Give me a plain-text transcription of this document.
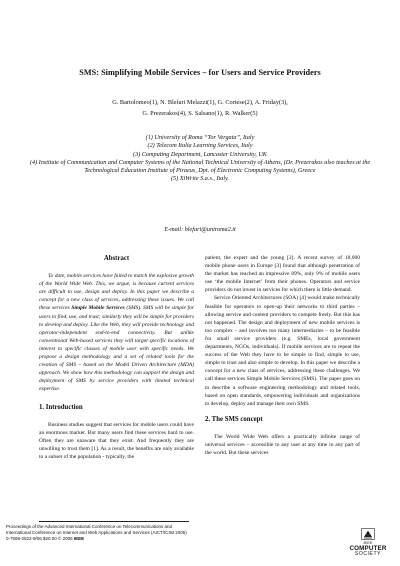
SMS: Simplifying Mobile Services – for Users and Service Providers
G. Bartolomeo(1), N. Blefari Melazzi(1), G. Cortese(2), A. Friday(3),
G. Prezerakos(4), S. Salsano(1), R. Walker(5)
(1) University of Roma “Tor Vergata”, Italy
(2) Telecom Italia Learning Services, Italy
(3) Computing Department, Lancaster University, UK
(4) Institute of Communication and Computer Systems of the National Technical University of Athens, (Dr. Prezerakos also teaches at the Technological Education Institute of Piraeus, Dpt. of Electronic Computing Systems), Greece
(5) XiWrite S.a.s., Italy.
E-mail: blefari@uniroma2.it
Abstract

To date, mobile services have failed to match the explosive growth of the World Wide Web. This, we argue, is because current services are difficult to use, design and deploy. In this paper we describe a concept for a new class of services, addressing these issues. We call these services Simple Mobile Services (SMS). SMS will be simple for users to find, use, and trust; similarly they will be simple for providers to develop and deploy. Like the Web, they will provide technology and operator-independent end-to-end connectivity. But unlike conventional Web-based services they will target specific locations of interest to specific classes of mobile user with specific needs. We propose a design methodology and a set of related tools for the creation of SMS – based on the Model Driven Architecture (MDA) approach. We show how this methodology can support the design and deployment of SMS by service providers with limited technical expertise.

1. Introduction

Business studies suggest that services for mobile users could have an enormous market. But many users find these services hard to use. Often they are unaware that they exist. And frequently they are unwilling to trust them [1]. As a result, the benefits are only available to a subset of the population - typically, the

patient, the expert and the young [2]. A recent survey of 18,000 mobile phone users in Europe [3] found that although penetration of the market has reached an impressive 89%, only 9% of mobile users use ‘the mobile Internet’ from their phones. Operators and service providers do not invest in services for which there is little demand.

Service Oriented Architectures (SOA) [4] would make technically feasible for operators to open-up their networks to third parties – allowing service and content providers to compete freely. But this has not happened. The design and deployment of new mobile services is too complex – and involves too many intermediaries – to be feasible for small service providers (e.g. SMEs, local government departments, NGOs, individuals). If mobile services are to repeat the success of the Web they have to be simple to find, simple to use, simple to trust and also simple to develop. In this paper we describe a concept for a new class of services, addressing these challenges. We call these services Simple Mobile Services (SMS). The paper goes on to describe a software engineering methodology and related tools, based on open standards, empowering individuals and organizations to develop, deploy and manage their own SMS.

2. The SMS concept

The World Wide Web offers a practically infinite range of universal services – accessible to any user at any time in any part of the world. But these services

Proceedings of the Advanced International Conference on Telecommunications and
International Conference on Internet and Web Applications and Services (AICT/ICIW 2006)
0-7695-2522-9/06 $20.00 © 2006 IEEE
IEEE
COMPUTER
SOCIETY
